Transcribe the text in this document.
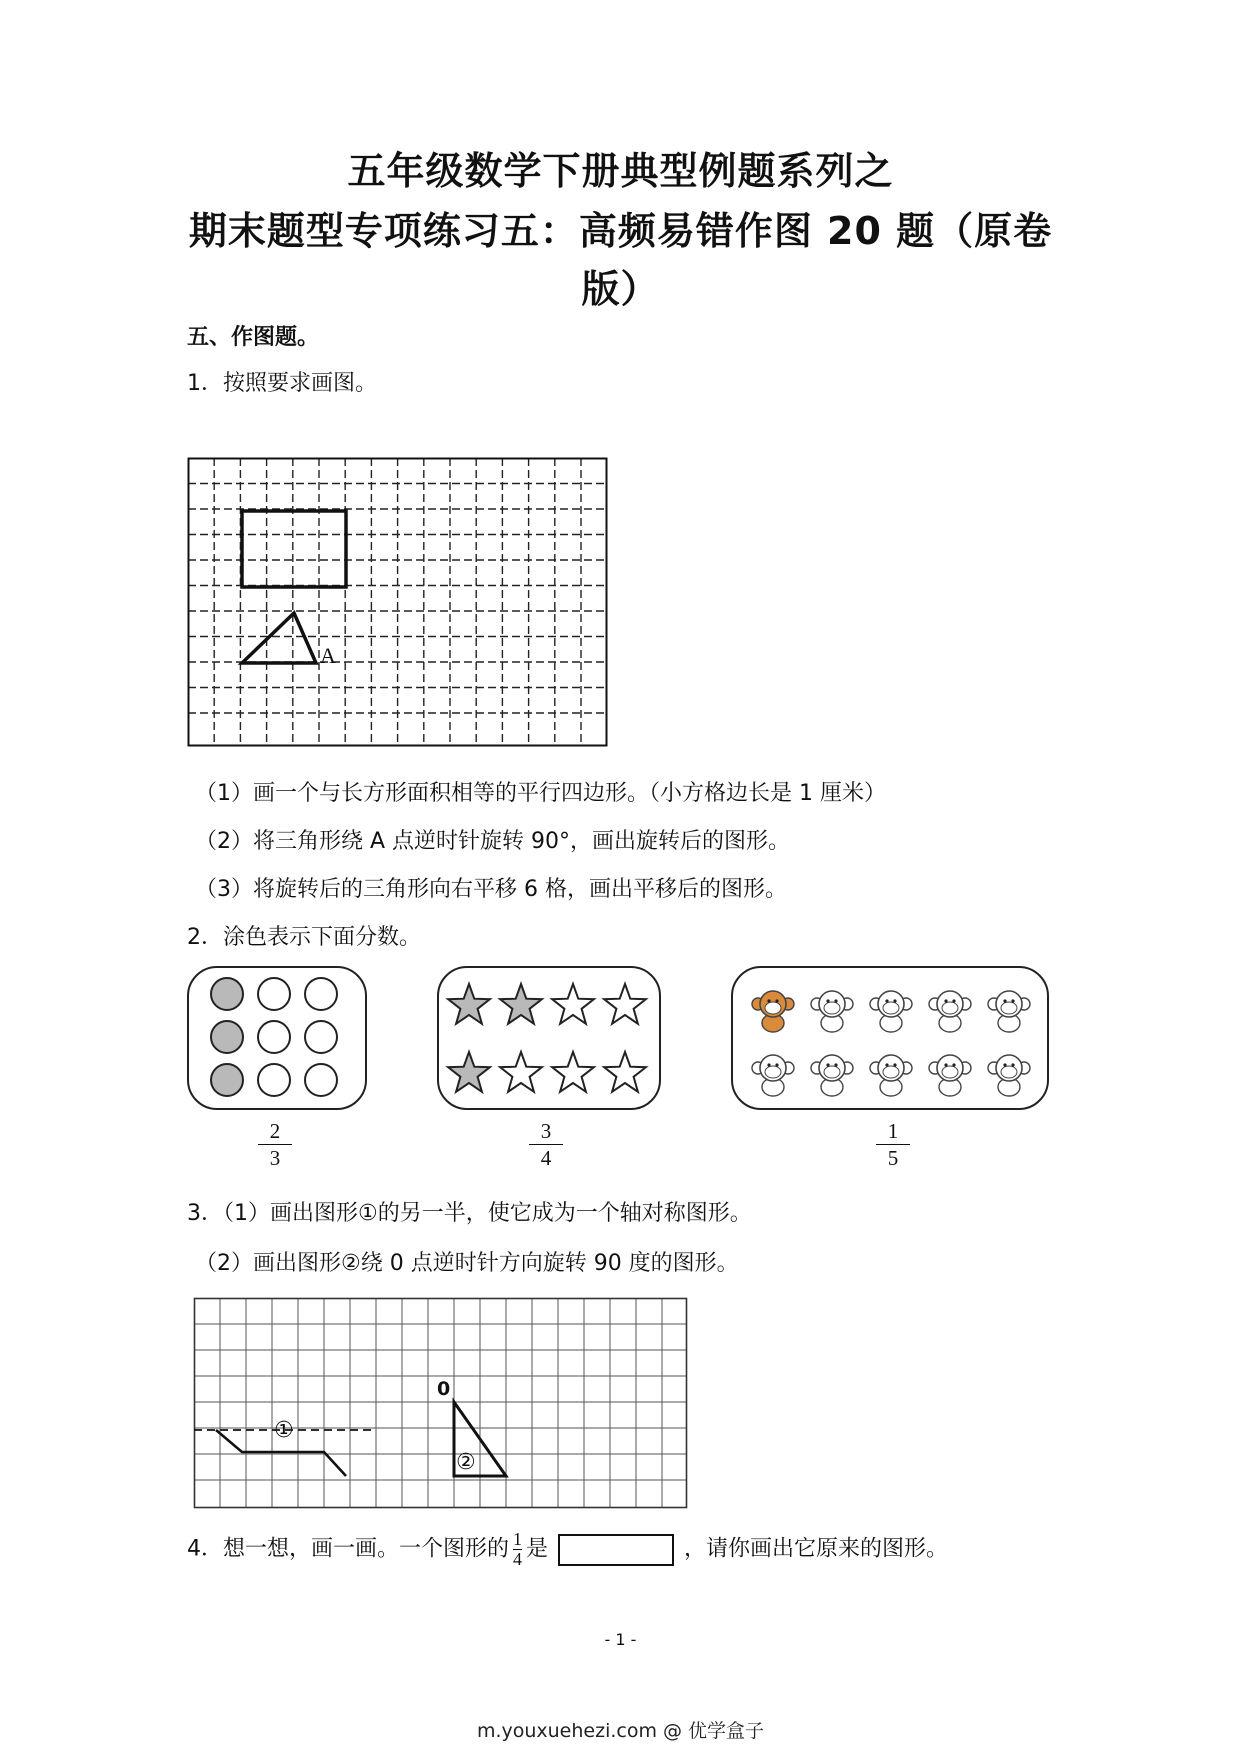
五年级数学下册典型例题系列之
期末题型专项练习五：高频易错作图 20 题（原卷
版）
五、作图题。
1．按照要求画图。
A
（1）画一个与长方形面积相等的平行四边形。（小方格边长是 1 厘米）
（2）将三角形绕 A 点逆时针旋转 90°，画出旋转后的图形。
（3）将旋转后的三角形向右平移 6 格，画出平移后的图形。
2．涂色表示下面分数。
2
3
3
4
1
5
3．（1）画出图形①的另一半，使它成为一个轴对称图形。
（2）画出图形②绕 0 点逆时针方向旋转 90 度的图形。
0
①
②
4．想一想，画一画。一个图形的 $\frac{1}{4}$ 是	，请你画出它原来的图形。
- 1 -
m.youxuehezi.com @ 优学盒子
